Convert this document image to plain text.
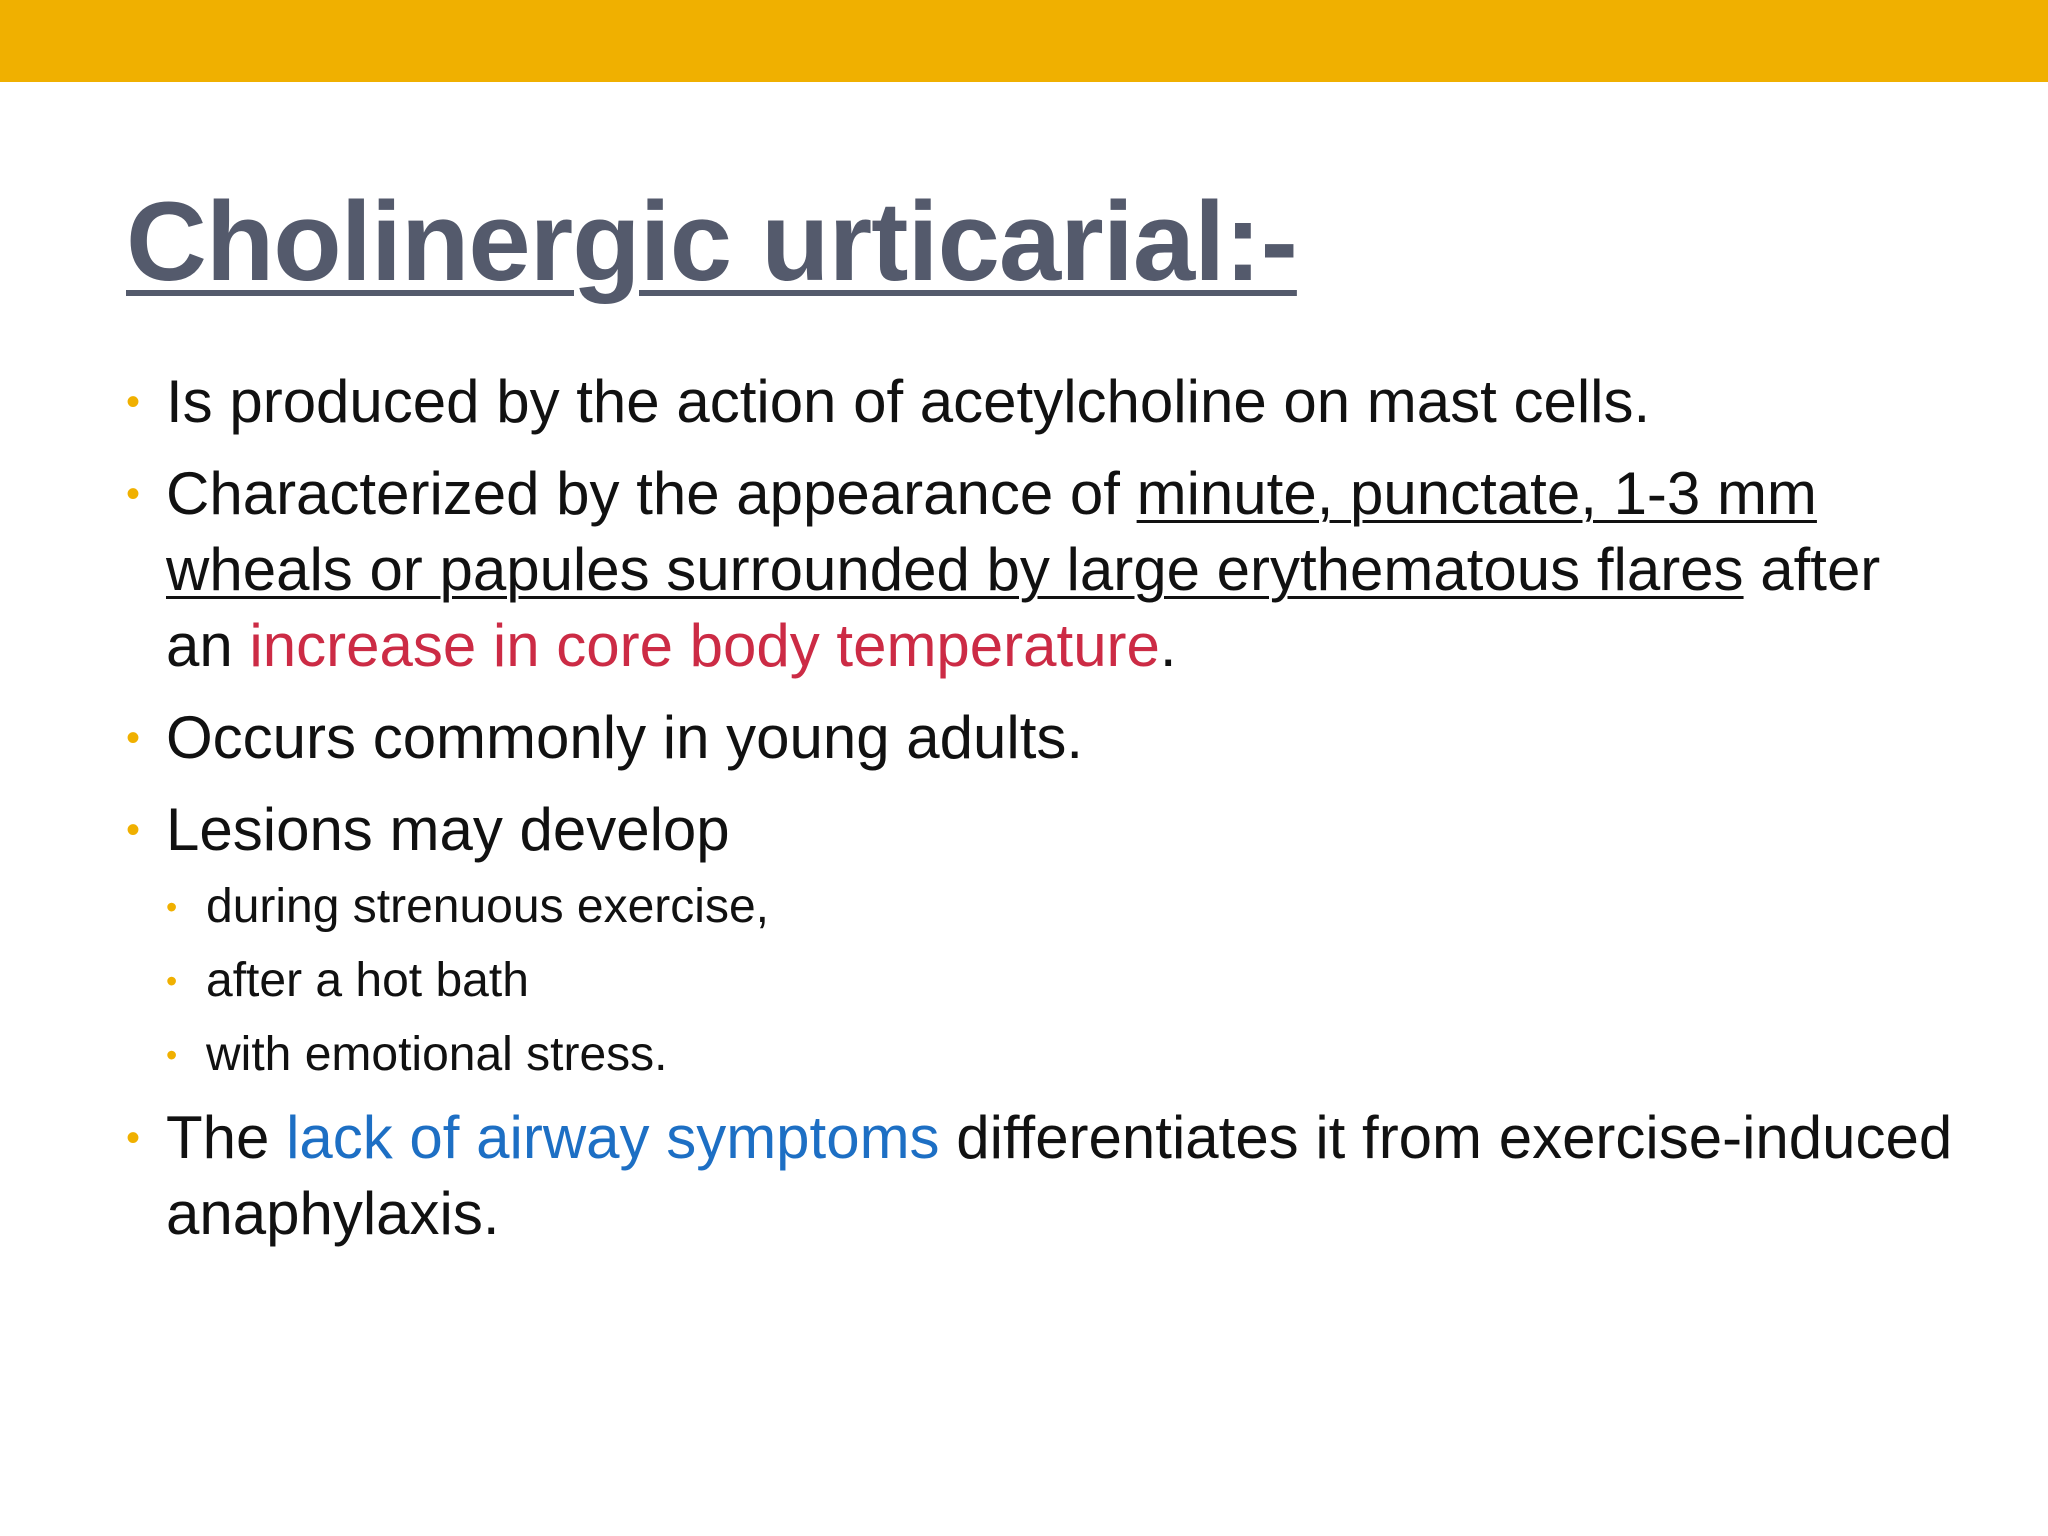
Cholinergic urticarial:-
• Is produced by the action of acetylcholine on mast cells.
• Characterized by the appearance of minute, punctate, 1-3 mm wheals or papules surrounded by large erythematous flares after an increase in core body temperature.
• Occurs commonly in young adults.
• Lesions may develop
• during strenuous exercise,
• after a hot bath
• with emotional stress.
• The lack of airway symptoms differentiates it from exercise-induced anaphylaxis.
